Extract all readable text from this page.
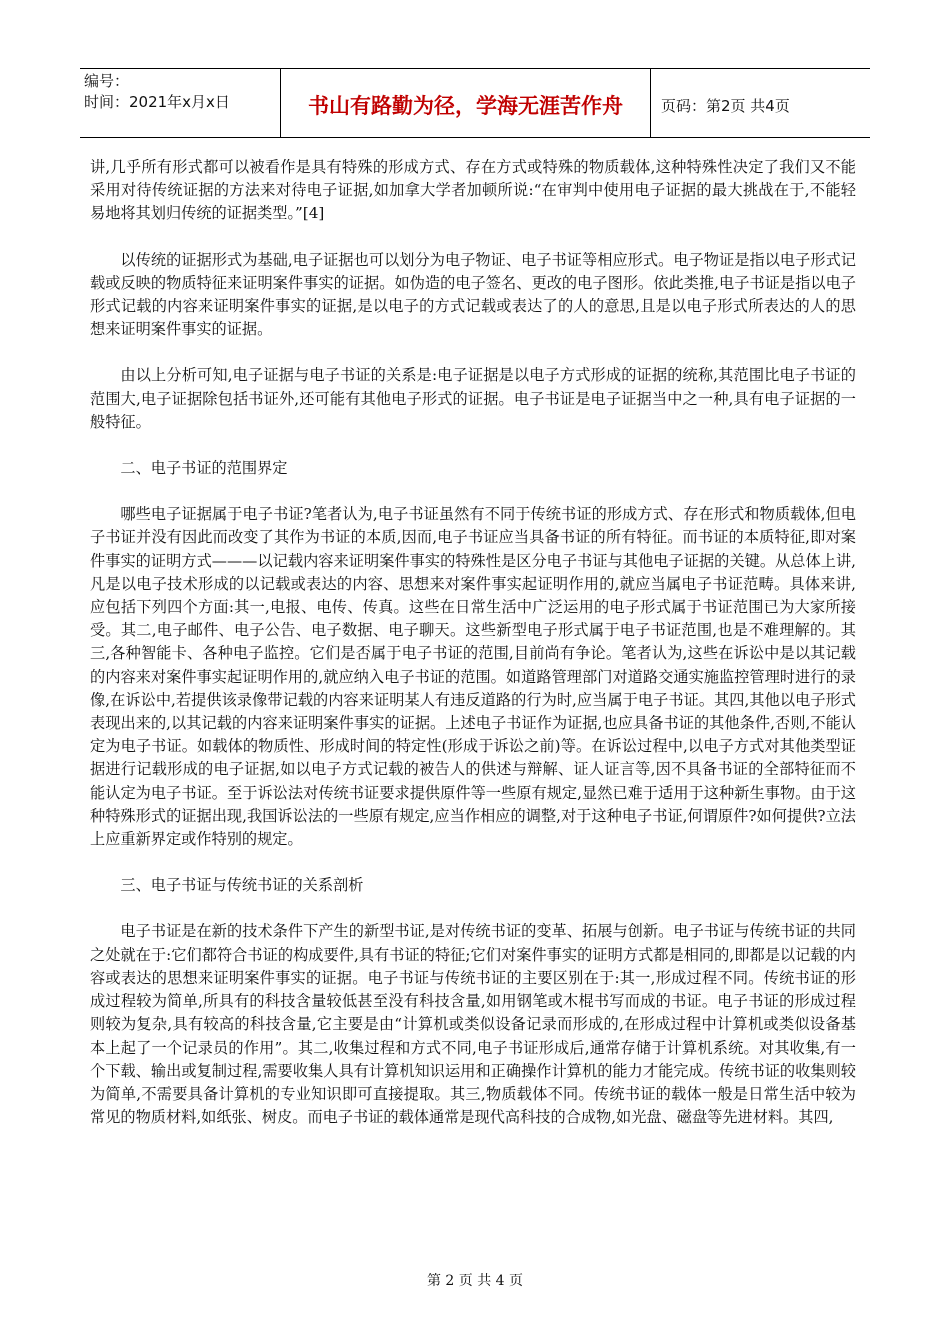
编号：
时间：2021年x月x日	书山有路勤为径，学海无涯苦作舟	页码：第2页 共4页

讲,几乎所有形式都可以被看作是具有特殊的形成方式、存在方式或特殊的物质载体,这种特殊性决定了我们又不能采用对待传统证据的方法来对待电子证据,如加拿大学者加顿所说:“在审判中使用电子证据的最大挑战在于,不能轻易地将其划归传统的证据类型。”[4]

以传统的证据形式为基础,电子证据也可以划分为电子物证、电子书证等相应形式。电子物证是指以电子形式记载或反映的物质特征来证明案件事实的证据。如伪造的电子签名、更改的电子图形。依此类推,电子书证是指以电子形式记载的内容来证明案件事实的证据,是以电子的方式记载或表达了的人的意思,且是以电子形式所表达的人的思想来证明案件事实的证据。

由以上分析可知,电子证据与电子书证的关系是:电子证据是以电子方式形成的证据的统称,其范围比电子书证的范围大,电子证据除包括书证外,还可能有其他电子形式的证据。电子书证是电子证据当中之一种,具有电子证据的一般特征。

二、电子书证的范围界定

哪些电子证据属于电子书证?笔者认为,电子书证虽然有不同于传统书证的形成方式、存在形式和物质载体,但电子书证并没有因此而改变了其作为书证的本质,因而,电子书证应当具备书证的所有特征。而书证的本质特征,即对案件事实的证明方式———以记载内容来证明案件事实的特殊性是区分电子书证与其他电子证据的关键。从总体上讲,凡是以电子技术形成的以记载或表达的内容、思想来对案件事实起证明作用的,就应当属电子书证范畴。具体来讲,应包括下列四个方面:其一,电报、电传、传真。这些在日常生活中广泛运用的电子形式属于书证范围已为大家所接受。其二,电子邮件、电子公告、电子数据、电子聊天。这些新型电子形式属于电子书证范围,也是不难理解的。其三,各种智能卡、各种电子监控。它们是否属于电子书证的范围,目前尚有争论。笔者认为,这些在诉讼中是以其记载的内容来对案件事实起证明作用的,就应纳入电子书证的范围。如道路管理部门对道路交通实施监控管理时进行的录像,在诉讼中,若提供该录像带记载的内容来证明某人有违反道路的行为时,应当属于电子书证。其四,其他以电子形式表现出来的,以其记载的内容来证明案件事实的证据。上述电子书证作为证据,也应具备书证的其他条件,否则,不能认定为电子书证。如载体的物质性、形成时间的特定性(形成于诉讼之前)等。在诉讼过程中,以电子方式对其他类型证据进行记载形成的电子证据,如以电子方式记载的被告人的供述与辩解、证人证言等,因不具备书证的全部特征而不能认定为电子书证。至于诉讼法对传统书证要求提供原件等一些原有规定,显然已难于适用于这种新生事物。由于这种特殊形式的证据出现,我国诉讼法的一些原有规定,应当作相应的调整,对于这种电子书证,何谓原件?如何提供?立法上应重新界定或作特别的规定。

三、电子书证与传统书证的关系剖析

电子书证是在新的技术条件下产生的新型书证,是对传统书证的变革、拓展与创新。电子书证与传统书证的共同之处就在于:它们都符合书证的构成要件,具有书证的特征;它们对案件事实的证明方式都是相同的,即都是以记载的内容或表达的思想来证明案件事实的证据。电子书证与传统书证的主要区别在于:其一,形成过程不同。传统书证的形成过程较为简单,所具有的科技含量较低甚至没有科技含量,如用钢笔或木棍书写而成的书证。电子书证的形成过程则较为复杂,具有较高的科技含量,它主要是由“计算机或类似设备记录而形成的,在形成过程中计算机或类似设备基本上起了一个记录员的作用”。其二,收集过程和方式不同,电子书证形成后,通常存储于计算机系统。对其收集,有一个下载、输出或复制过程,需要收集人具有计算机知识运用和正确操作计算机的能力才能完成。传统书证的收集则较为简单,不需要具备计算机的专业知识即可直接提取。其三,物质载体不同。传统书证的载体一般是日常生活中较为常见的物质材料,如纸张、树皮。而电子书证的载体通常是现代高科技的合成物,如光盘、磁盘等先进材料。其四,

第 2 页 共 4 页
